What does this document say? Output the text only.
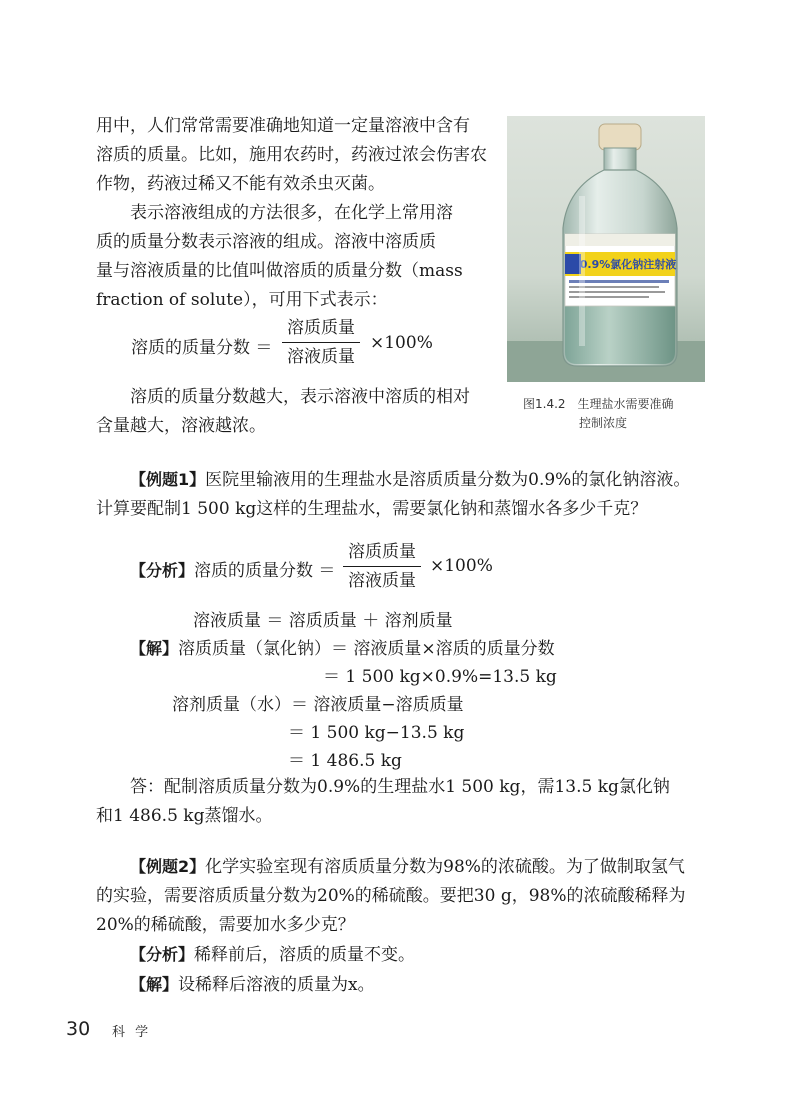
用中，人们常常需要准确地知道一定量溶液中含有
溶质的质量。比如，施用农药时，药液过浓会伤害农
作物，药液过稀又不能有效杀虫灭菌。
表示溶液组成的方法很多，在化学上常用溶
质的质量分数表示溶液的组成。溶液中溶质质
量与溶液质量的比值叫做溶质的质量分数（mass
fraction of solute），可用下式表示：
溶质的质量分数 ＝
溶质质量
溶液质量
×100%
溶质的质量分数越大，表示溶液中溶质的相对
含量越大，溶液越浓。
0.9%氯化钠注射液
图1.4.2　生理盐水需要准确
控制浓度
【例题1】医院里输液用的生理盐水是溶质质量分数为0.9%的氯化钠溶液。
计算要配制1 500 kg这样的生理盐水，需要氯化钠和蒸馏水各多少千克？
【分析】溶质的质量分数 ＝
溶质质量
溶液质量
×100%
溶液质量 ＝ 溶质质量 ＋ 溶剂质量
【解】溶质质量（氯化钠）＝ 溶液质量×溶质的质量分数
＝ 1 500 kg×0.9%=13.5 kg
溶剂质量（水）＝ 溶液质量−溶质质量
＝ 1 500 kg−13.5 kg
＝ 1 486.5 kg
答：配制溶质质量分数为0.9%的生理盐水1 500 kg，需13.5 kg氯化钠
和1 486.5 kg蒸馏水。
【例题2】化学实验室现有溶质质量分数为98%的浓硫酸。为了做制取氢气
的实验，需要溶质质量分数为20%的稀硫酸。要把30 g，98%的浓硫酸稀释为
20%的稀硫酸，需要加水多少克？
【分析】稀释前后，溶质的质量不变。
【解】设稀释后溶液的质量为x。
30 科 学
